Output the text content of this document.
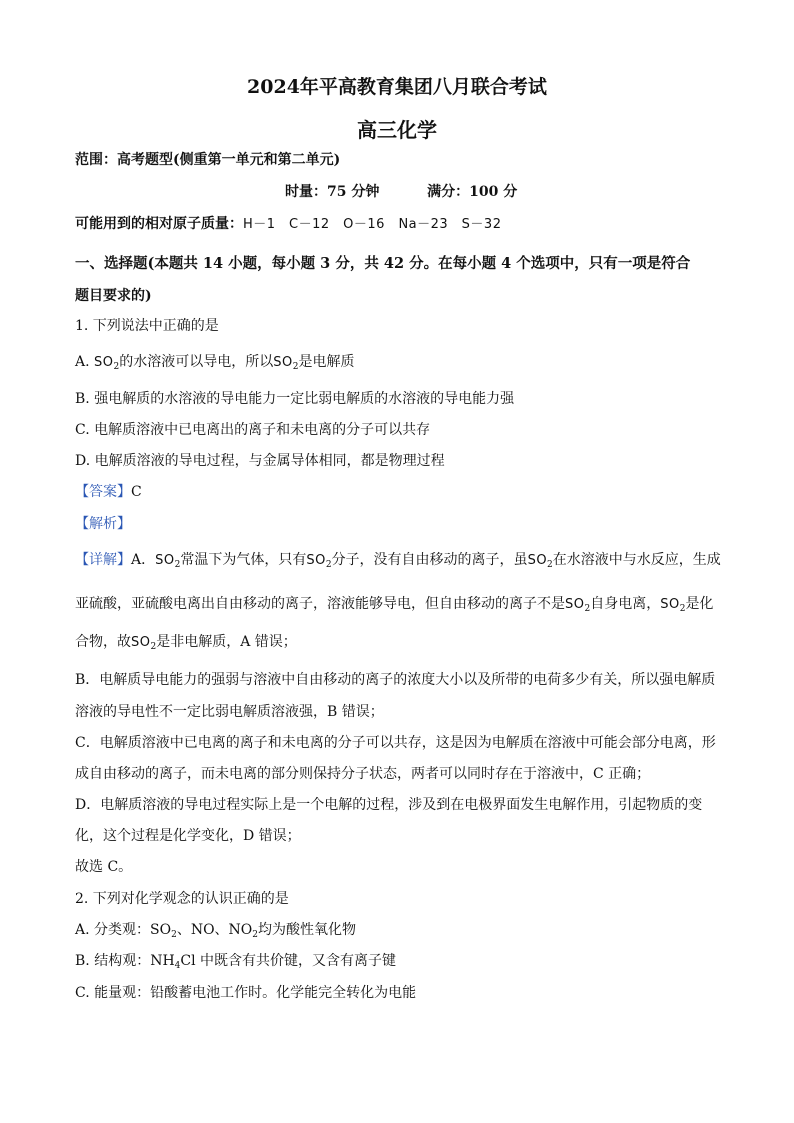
2024年平高教育集团八月联合考试
高三化学
范围：高考题型(侧重第一单元和第二单元)
时量：75 分钟	满分：100 分
可能用到的相对原子质量：H－1　C－12　O－16　Na－23　S－32
一、选择题(本题共 14 小题，每小题 3 分，共 42 分。在每小题 4 个选项中，只有一项是符合
题目要求的)
1. 下列说法中正确的是
A. $SO_2$的水溶液可以导电，所以$SO_2$是电解质
B. 强电解质的水溶液的导电能力一定比弱电解质的水溶液的导电能力强
C. 电解质溶液中已电离出的离子和未电离的分子可以共存
D. 电解质溶液的导电过程，与金属导体相同，都是物理过程
【答案】C
【解析】
【详解】A．$SO_2$常温下为气体，只有$SO_2$分子，没有自由移动的离子，虽$SO_2$在水溶液中与水反应，生成
亚硫酸，亚硫酸电离出自由移动的离子，溶液能够导电，但自由移动的离子不是$SO_2$自身电离，$SO_2$是化
合物，故$SO_2$是非电解质，A 错误；
B．电解质导电能力的强弱与溶液中自由移动的离子的浓度大小以及所带的电荷多少有关，所以强电解质
溶液的导电性不一定比弱电解质溶液强，B 错误；
C．电解质溶液中已电离的离子和未电离的分子可以共存，这是因为电解质在溶液中可能会部分电离，形
成自由移动的离子，而未电离的部分则保持分子状态，两者可以同时存在于溶液中，C 正确；
D．电解质溶液的导电过程实际上是一个电解的过程，涉及到在电极界面发生电解作用，引起物质的变
化，这个过程是化学变化，D 错误；
故选 C。
2. 下列对化学观念的认识正确的是
A. 分类观：$SO_2$、NO、$NO_2$均为酸性氧化物
B. 结构观：$NH_4Cl$ 中既含有共价键，又含有离子键
C. 能量观：铅酸蓄电池工作时。化学能完全转化为电能
